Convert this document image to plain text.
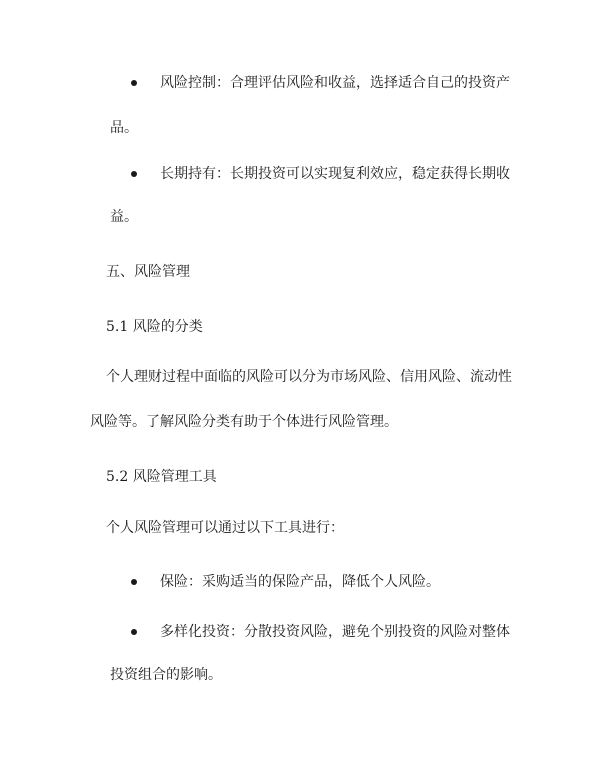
风险控制：合理评估风险和收益，选择适合自己的投资产
品。
长期持有：长期投资可以实现复利效应，稳定获得长期收
益。
五、风险管理
5.1 风险的分类
个人理财过程中面临的风险可以分为市场风险、信用风险、流动性
风险等。了解风险分类有助于个体进行风险管理。
5.2 风险管理工具
个人风险管理可以通过以下工具进行：
保险：采购适当的保险产品，降低个人风险。
多样化投资：分散投资风险，避免个别投资的风险对整体
投资组合的影响。
